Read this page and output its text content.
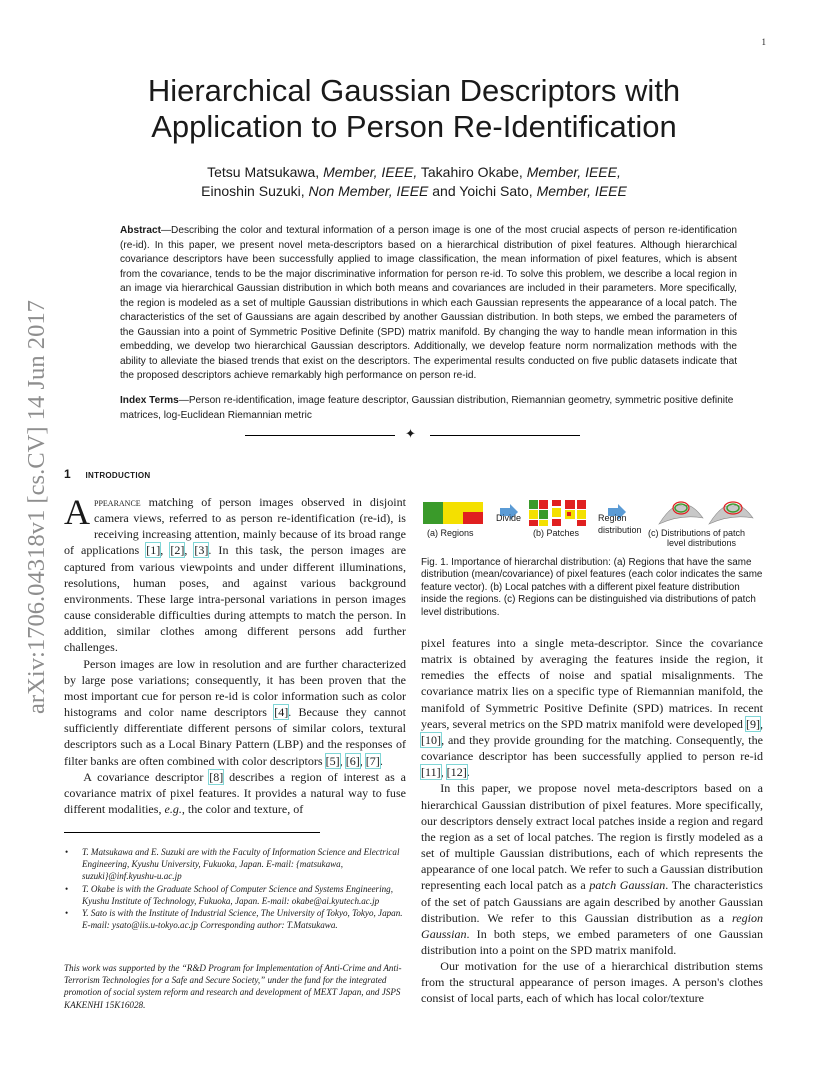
1
arXiv:1706.04318v1 [cs.CV] 14 Jun 2017
Hierarchical Gaussian Descriptors with Application to Person Re-Identification
Tetsu Matsukawa, Member, IEEE, Takahiro Okabe, Member, IEEE,
Einoshin Suzuki, Non Member, IEEE and Yoichi Sato, Member, IEEE
Abstract—Describing the color and textural information of a person image is one of the most crucial aspects of person re-identification (re-id). In this paper, we present novel meta-descriptors based on a hierarchical distribution of pixel features. Although hierarchical covariance descriptors have been successfully applied to image classification, the mean information of pixel features, which is absent from the covariance, tends to be the major discriminative information for person re-id. To solve this problem, we describe a local region in an image via hierarchical Gaussian distribution in which both means and covariances are included in their parameters. More specifically, the region is modeled as a set of multiple Gaussian distributions in which each Gaussian represents the appearance of a local patch. The characteristics of the set of Gaussians are again described by another Gaussian distribution. In both steps, we embed the parameters of the Gaussian into a point of Symmetric Positive Definite (SPD) matrix manifold. By changing the way to handle mean information in this embedding, we develop two hierarchical Gaussian descriptors. Additionally, we develop feature norm normalization methods with the ability to alleviate the biased trends that exist on the descriptors. The experimental results conducted on five public datasets indicate that the proposed descriptors achieve remarkably high performance on person re-id.
Index Terms—Person re-identification, image feature descriptor, Gaussian distribution, Riemannian geometry, symmetric positive definite matrices, log-Euclidean Riemannian metric
✦
1 introduction

Appearance matching of person images observed in disjoint camera views, referred to as person re-identification (re-id), is receiving increasing attention, mainly because of its broad range of applications [1], [2], [3]. In this task, the person images are captured from various viewpoints and under different illuminations, resolutions, human poses, and against various background environments. These large intra-personal variations in person images cause considerable difficulties during attempts to match the person. In addition, similar clothes among different persons add further challenges.

Person images are low in resolution and are further characterized by large pose variations; consequently, it has been proven that the most important cue for person re-id is color information such as color histograms and color name descriptors [4]. Because they cannot sufficiently differentiate different persons of similar colors, textural descriptors such as a Local Binary Pattern (LBP) and the responses of filter banks are often combined with color descriptors [5], [6], [7].

A covariance descriptor [8] describes a region of interest as a covariance matrix of pixel features. It provides a natural way to fuse different modalities, e.g., the color and texture, of

• T. Matsukawa and E. Suzuki are with the Faculty of Information Science and Electrical Engineering, Kyushu University, Fukuoka, Japan. E-mail: {matsukawa, suzuki}@inf.kyushu-u.ac.jp
• T. Okabe is with the Graduate School of Computer Science and Systems Engineering, Kyushu Institute of Technology, Fukuoka, Japan. E-mail: okabe@ai.kyutech.ac.jp
• Y. Sato is with the Institute of Industrial Science, The University of Tokyo, Tokyo, Japan. E-mail: ysato@iis.u-tokyo.ac.jp Corresponding author: T.Matsukawa.
This work was supported by the “R&D Program for Implementation of Anti-Crime and Anti-Terrorism Technologies for a Safe and Secure Society,” under the fund for the integrated promotion of social system reform and research and development of MEXT Japan, and JSPS KAKENHI 15K16028.
Divide	Region
distribution
(a) Regions	(b) Patches	(c) Distributions of patch
level distributions
Fig. 1. Importance of hierarchal distribution: (a) Regions that have the same distribution (mean/covariance) of pixel features (each color indicates the same feature vector). (b) Local patches with a different pixel feature distribution inside the regions. (c) Regions can be distinguished via distributions of patch level distributions.

pixel features into a single meta-descriptor. Since the covariance matrix is obtained by averaging the features inside the region, it remedies the effects of noise and spatial misalignments. The covariance matrix lies on a specific type of Riemannian manifold, the manifold of Symmetric Positive Definite (SPD) matrices. In recent years, several metrics on the SPD matrix manifold were developed [9], [10], and they provide grounding for the matching. Consequently, the covariance descriptor has been successfully applied to person re-id [11], [12].

In this paper, we propose novel meta-descriptors based on a hierarchical Gaussian distribution of pixel features. More specifically, our descriptors densely extract local patches inside a region and regard the region as a set of local patches. The region is firstly modeled as a set of multiple Gaussian distributions, each of which represents the appearance of one local patch. We refer to such a Gaussian distribution representing each local patch as a patch Gaussian. The characteristics of the set of patch Gaussians are again described by another Gaussian distribution. We refer to this Gaussian distribution as a region Gaussian. In both steps, we embed parameters of one Gaussian distribution into a point on the SPD matrix manifold.

Our motivation for the use of a hierarchical distribution stems from the structural appearance of person images. A person's clothes consist of local parts, each of which has local color/texture
